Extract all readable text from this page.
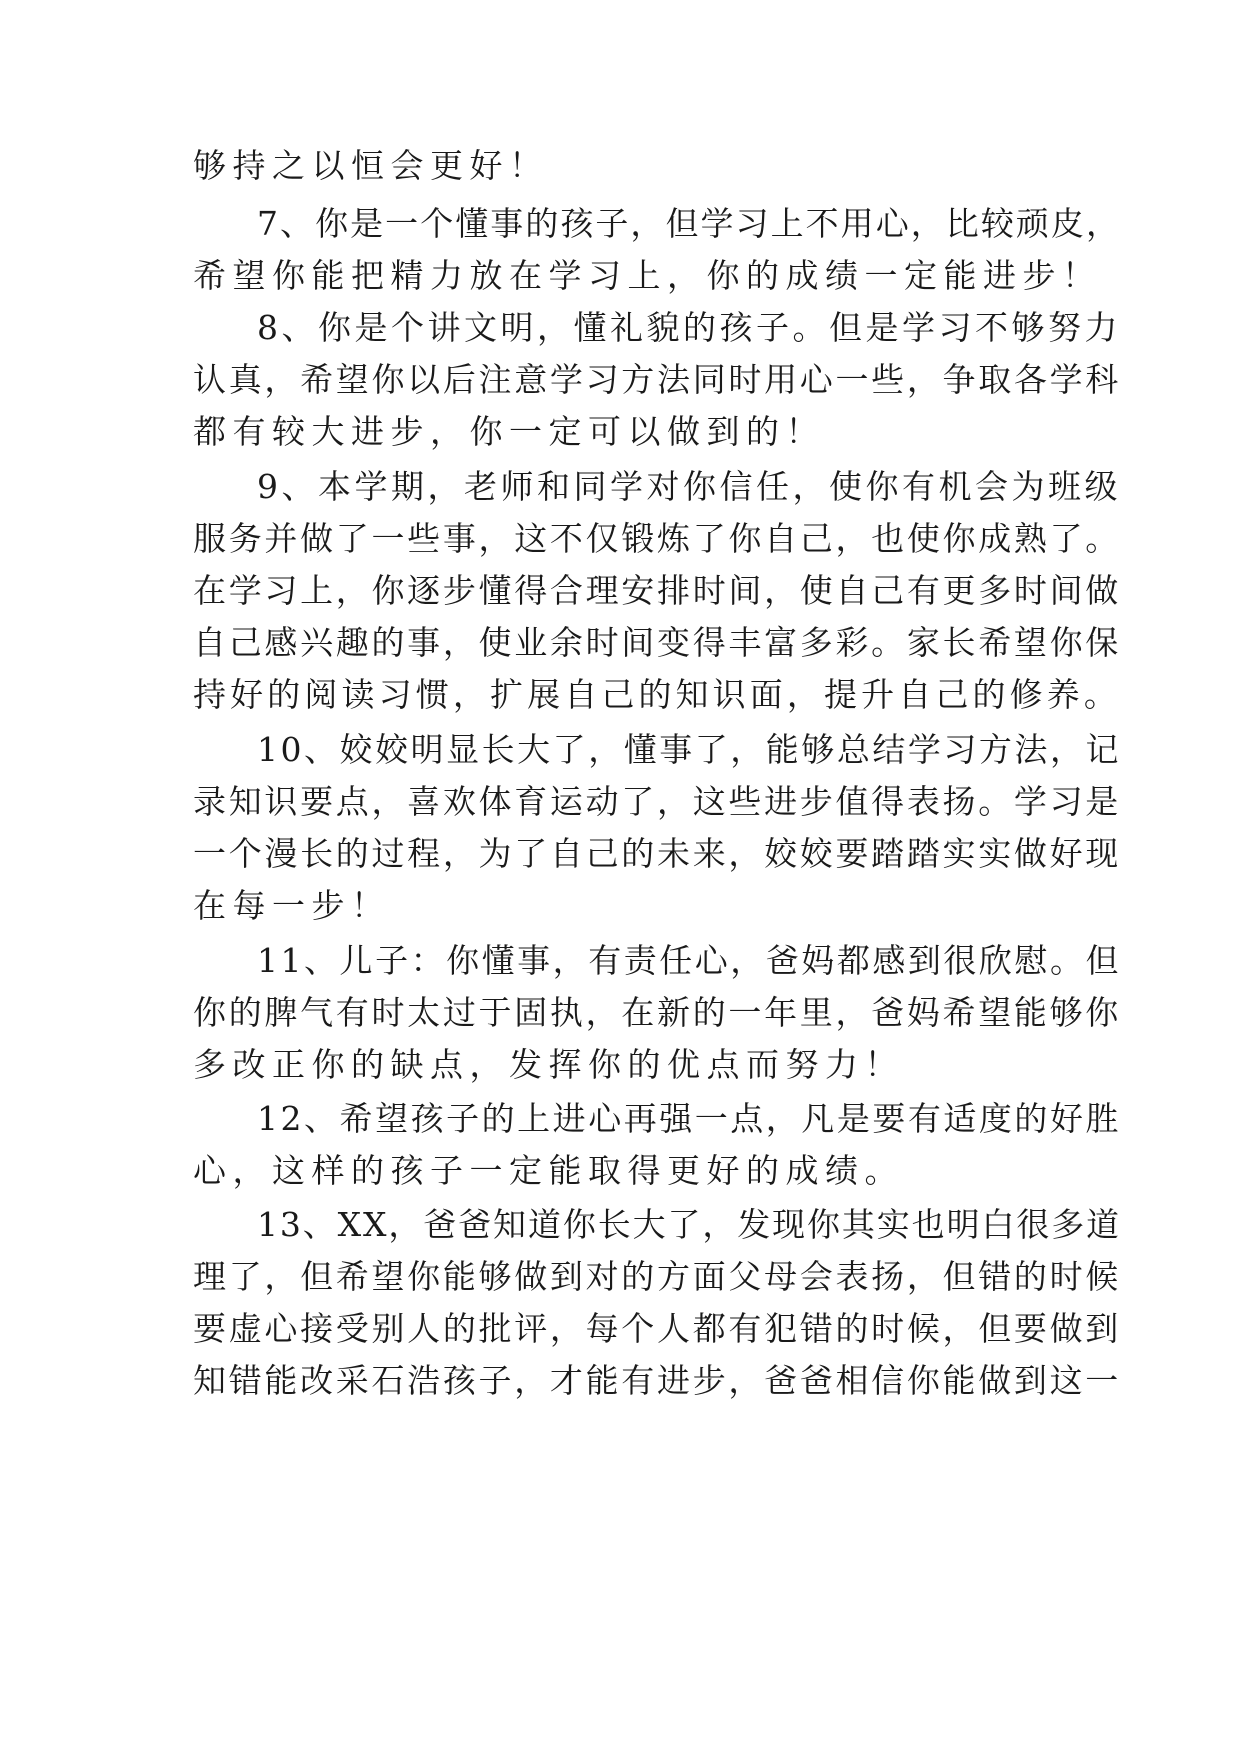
够持之以恒会更好！

7、你是一个懂事的孩子，但学习上不用心，比较顽皮，

希望你能把精力放在学习上，你的成绩一定能进步！

8、你是个讲文明，懂礼貌的孩子。但是学习不够努力

认真，希望你以后注意学习方法同时用心一些，争取各学科

都有较大进步，你一定可以做到的！

9、本学期，老师和同学对你信任，使你有机会为班级

服务并做了一些事，这不仅锻炼了你自己，也使你成熟了。

在学习上，你逐步懂得合理安排时间，使自己有更多时间做

自己感兴趣的事，使业余时间变得丰富多彩。家长希望你保

持好的阅读习惯，扩展自己的知识面，提升自己的修养。

10、姣姣明显长大了，懂事了，能够总结学习方法，记

录知识要点，喜欢体育运动了，这些进步值得表扬。学习是

一个漫长的过程，为了自己的未来，姣姣要踏踏实实做好现

在每一步！

11、儿子：你懂事，有责任心，爸妈都感到很欣慰。但

你的脾气有时太过于固执，在新的一年里，爸妈希望能够你

多改正你的缺点，发挥你的优点而努力！

12、希望孩子的上进心再强一点，凡是要有适度的好胜

心，这样的孩子一定能取得更好的成绩。

13、XX，爸爸知道你长大了，发现你其实也明白很多道

理了，但希望你能够做到对的方面父母会表扬，但错的时候

要虚心接受别人的批评，每个人都有犯错的时候，但要做到

知错能改采石浩孩子，才能有进步，爸爸相信你能做到这一
